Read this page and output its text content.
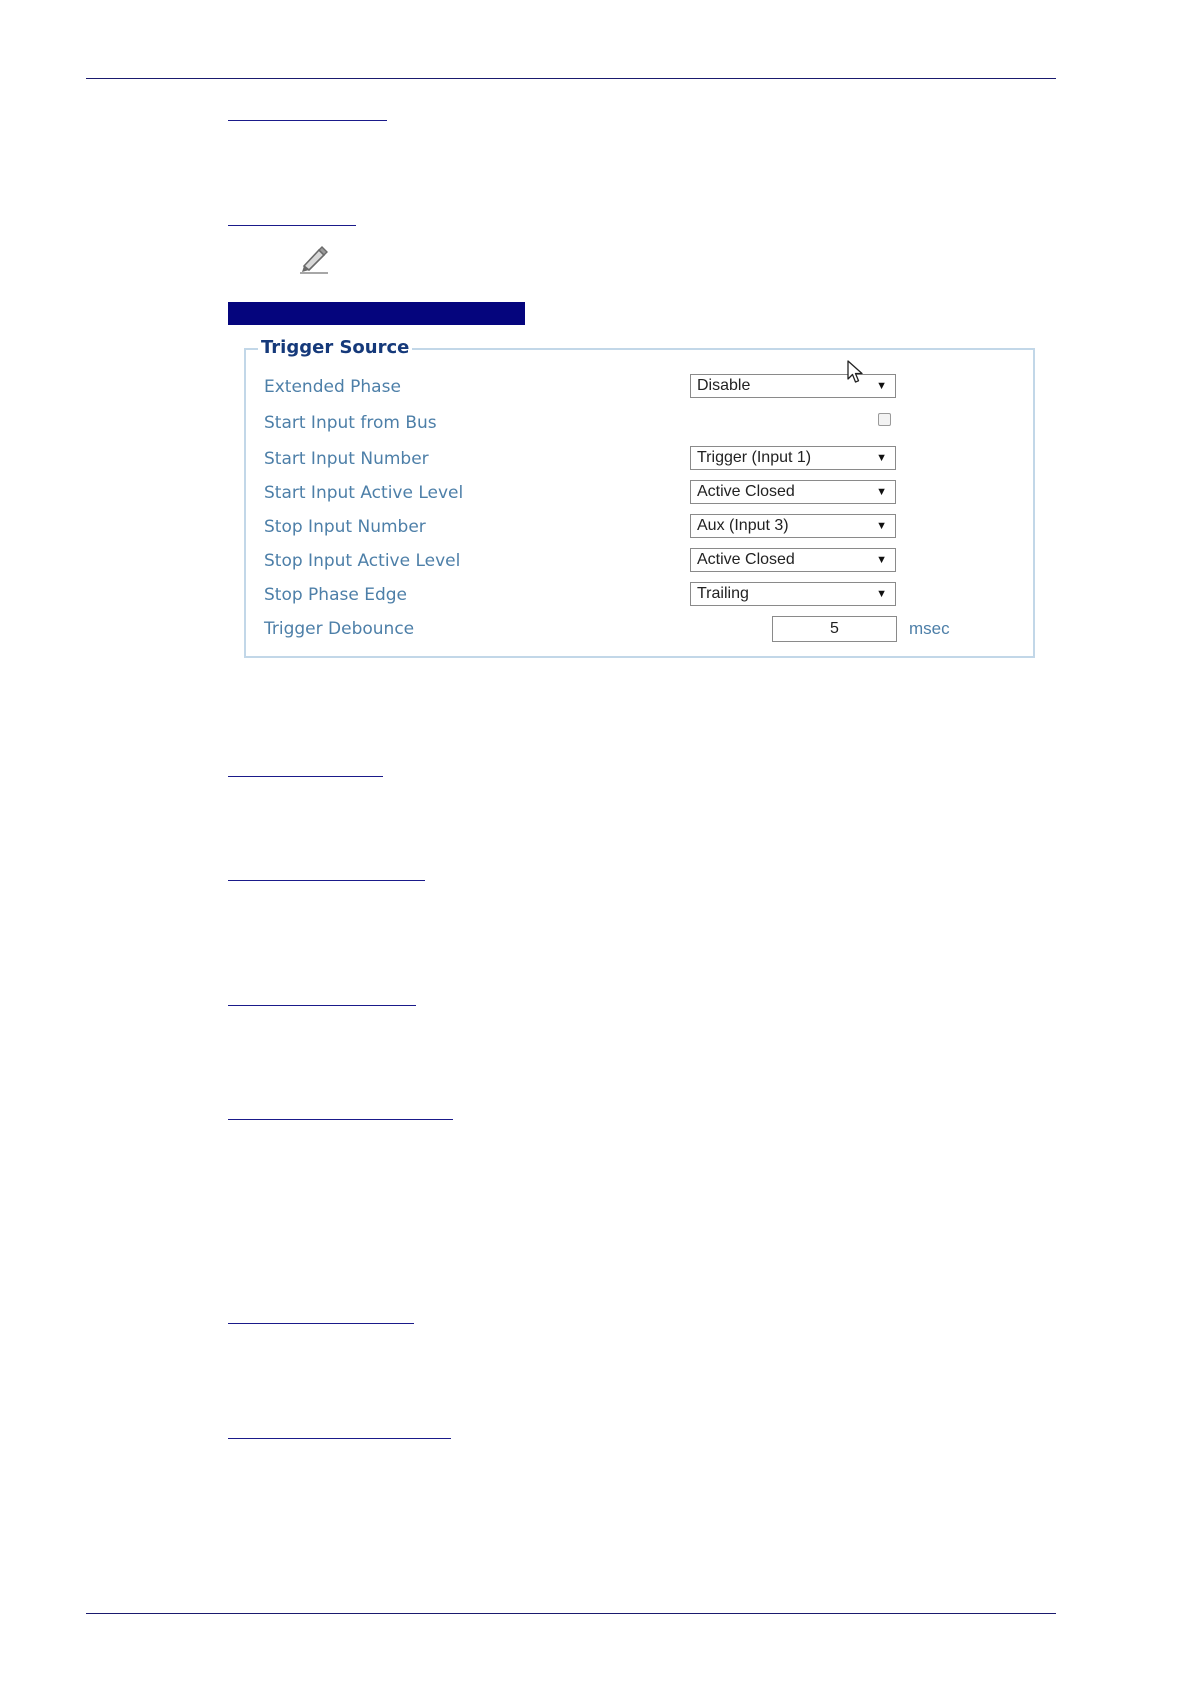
Trigger Source
Extended Phase	Disable	▼
Start Input from Bus
Start Input Number	Trigger (Input 1)	▼
Start Input Active Level	Active Closed	▼
Stop Input Number	Aux (Input 3)	▼
Stop Input Active Level	Active Closed	▼
Stop Phase Edge	Trailing	▼
Trigger Debounce	5	msec
